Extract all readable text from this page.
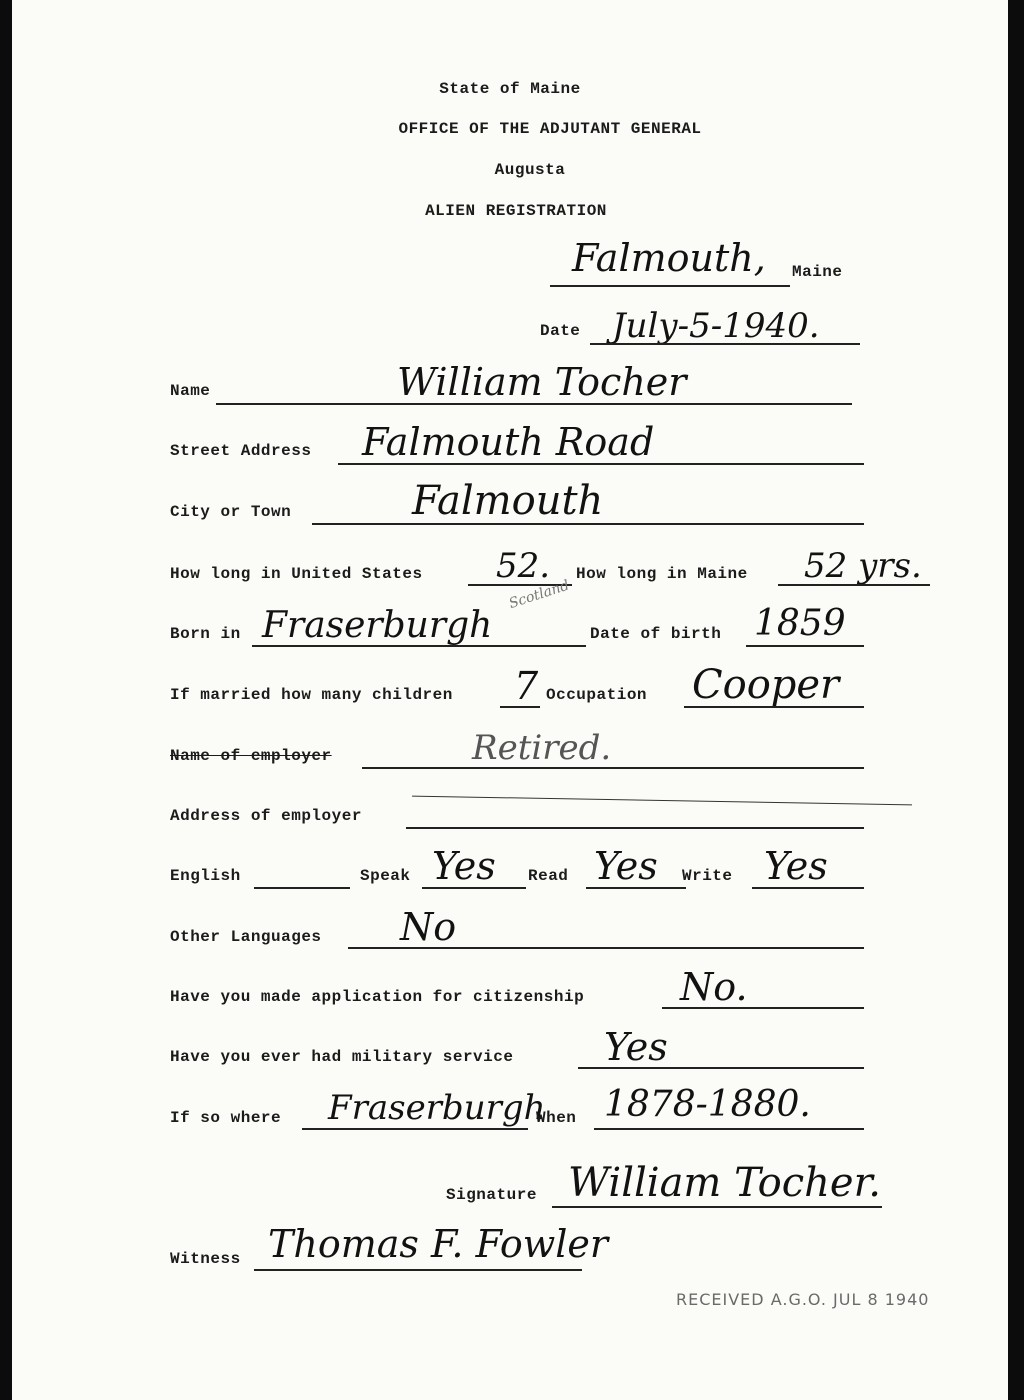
State of Maine
OFFICE OF THE ADJUTANT GENERAL
Augusta
ALIEN REGISTRATION
Falmouth, Maine
Date July-5-1940.
Name	William Tocher
Street Address Falmouth Road
City or Town	Falmouth
How long in United States 52. How long in Maine 52 yrs.
Born in Fraserburgh
Scotland
Date of birth 1859
If married how many children 7 Occupation Cooper
Name of employer	Retired.
Address of employer
English	Speak Yes Read Yes Write Yes
Other Languages No
Have you made application for citizenship	No.
Have you ever had military service Yes
If so where Fraserburgh
When 1878-1880.
Signature William Tocher.
Witness Thomas F. Fowler
RECEIVED A.G.O. JUL 8 1940
